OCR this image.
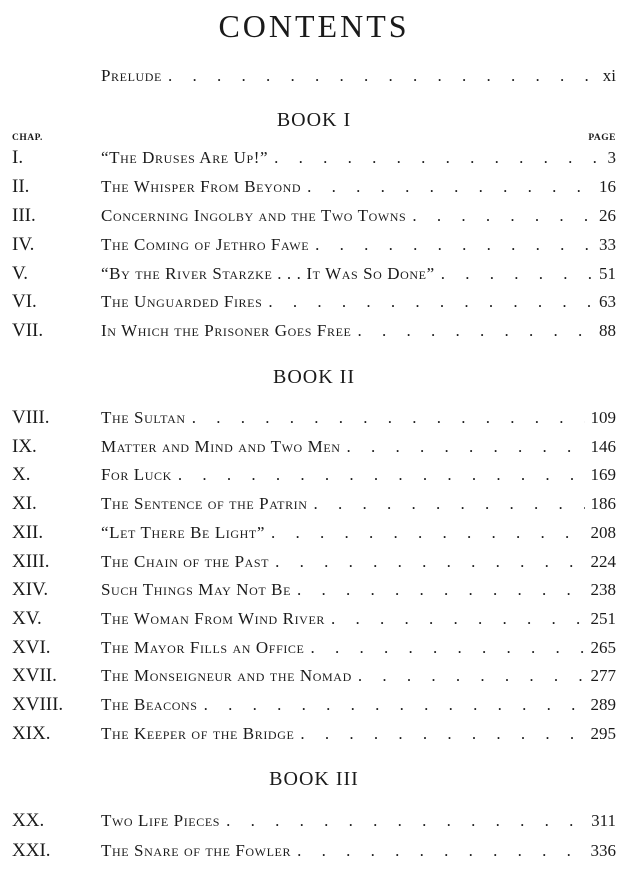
CONTENTS
Prelude . . .	xi
BOOK I
CHAP.	PAGE
I.	“The Druses Are Up!” . . .	3
II.	The Whisper From Beyond . . .	16
III.	Concerning Ingolby and the Two Towns . . .	26
IV.	The Coming of Jethro Fawe . . .	33
V.	“By the River Starzke . . . It Was So Done” . . .	51
VI.	The Unguarded Fires . . .	63
VII.	In Which the Prisoner Goes Free . . .	88
BOOK II
VIII.	The Sultan . . .	109
IX.	Matter and Mind and Two Men . . .	146
X.	For Luck . . .	169
XI.	The Sentence of the Patrin . . .	186
XII.	“Let There Be Light” . . .	208
XIII.	The Chain of the Past . . .	224
XIV.	Such Things May Not Be . . .	238
XV.	The Woman From Wind River . . .	251
XVI.	The Mayor Fills an Office . . .	265
XVII.	The Monseigneur and the Nomad . . .	277
XVIII. The Beacons . . .	289
XIX.	The Keeper of the Bridge . . .	295
BOOK III
XX.	Two Life Pieces . . .	311
XXI.	The Snare of the Fowler . . .	336
